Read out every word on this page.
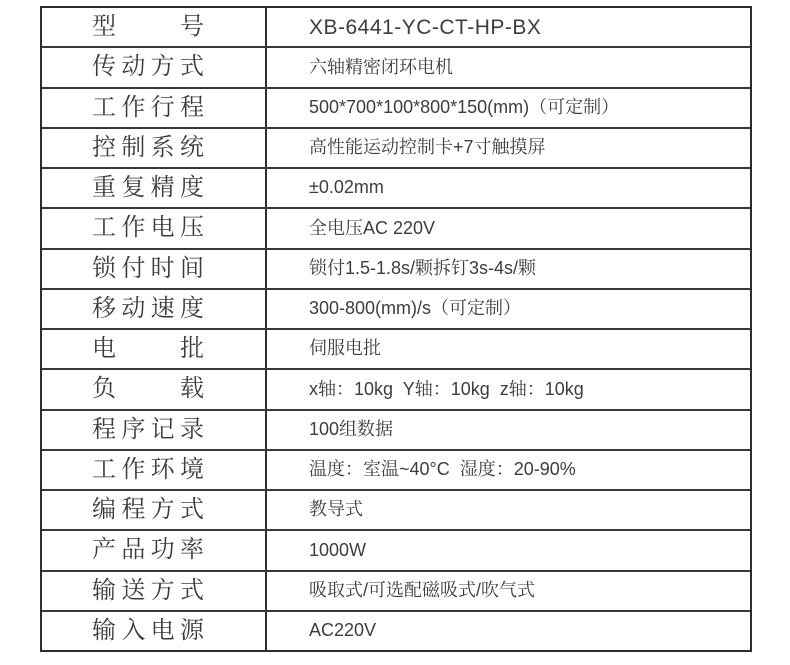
型号	XB-6441-YC-CT-HP-BX
传动方式	六轴精密闭环电机
工作行程	500*700*100*800*150(mm)（可定制）
控制系统	高性能运动控制卡+7寸触摸屏
重复精度	±0.02mm
工作电压	全电压AC 220V
锁付时间	锁付1.5-1.8s/颗拆钉3s-4s/颗
移动速度	300-800(mm)/s（可定制）
电批	伺服电批
负载	x轴：10kg  Y轴：10kg  z轴：10kg
程序记录	100组数据
工作环境	温度：室温~40°C  湿度：20-90%
编程方式	教导式
产品功率	1000W
输送方式	吸取式/可选配磁吸式/吹气式
输入电源	AC220V
